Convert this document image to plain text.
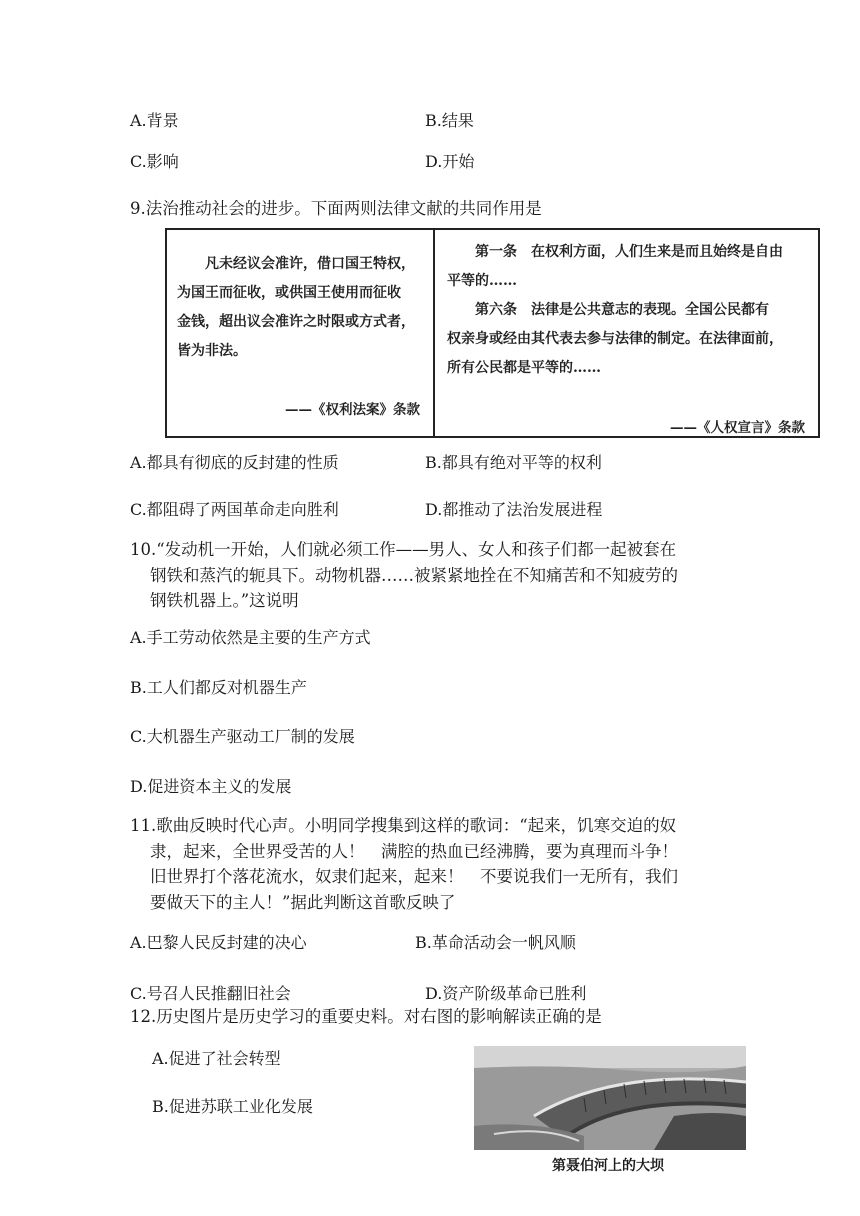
A.背景	B.结果
C.影响	D.开始
9.法治推动社会的进步。下面两则法律文献的共同作用是
凡未经议会准许，借口国王特权，
为国王而征收，或供国王使用而征收
金钱，超出议会准许之时限或方式者，
皆为非法。
——《权利法案》条款
第一条　在权利方面，人们生来是而且始终是自由
平等的……
第六条　法律是公共意志的表现。全国公民都有
权亲身或经由其代表去参与法律的制定。在法律面前，
所有公民都是平等的……
——《人权宣言》条款
A.都具有彻底的反封建的性质	B.都具有绝对平等的权利
C.都阻碍了两国革命走向胜利	D.都推动了法治发展进程
10.“发动机一开始，人们就必须工作——男人、女人和孩子们都一起被套在
钢铁和蒸汽的轭具下。动物机器……被紧紧地拴在不知痛苦和不知疲劳的
钢铁机器上。”这说明
A.手工劳动依然是主要的生产方式
B.工人们都反对机器生产
C.大机器生产驱动工厂制的发展
D.促进资本主义的发展
11.歌曲反映时代心声。小明同学搜集到这样的歌词：“起来，饥寒交迫的奴
隶，起来，全世界受苦的人！　满腔的热血已经沸腾，要为真理而斗争！
旧世界打个落花流水，奴隶们起来，起来！　不要说我们一无所有，我们
要做天下的主人！”据此判断这首歌反映了
A.巴黎人民反封建的决心	B.革命活动会一帆风顺
C.号召人民推翻旧社会	D.资产阶级革命已胜利
12.历史图片是历史学习的重要史料。对右图的影响解读正确的是
A.促进了社会转型
B.促进苏联工业化发展
第聂伯河上的大坝
